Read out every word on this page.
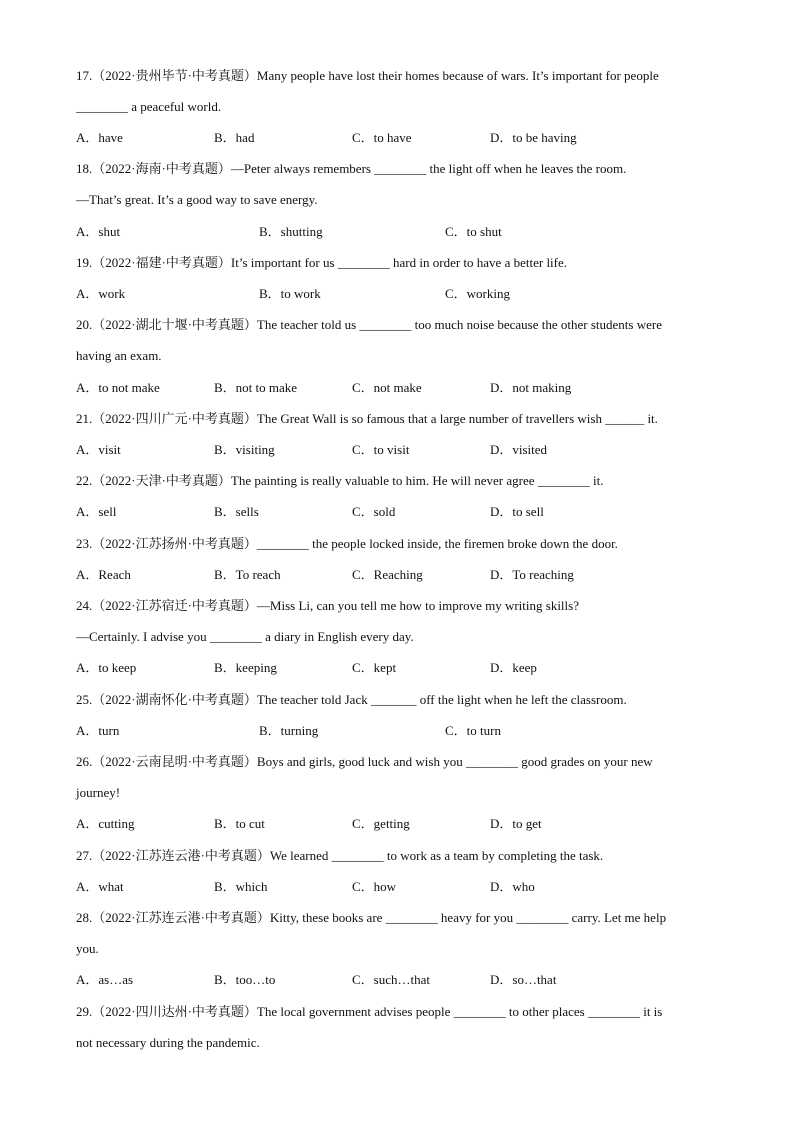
17.（2022·贵州毕节·中考真题）Many people have lost their homes because of wars. It’s important for people
________ a peaceful world.
A．have	B．had	C．to have	D．to be having
18.（2022·海南·中考真题）—Peter always remembers ________ the light off when he leaves the room.
—That’s great. It’s a good way to save energy.
A．shut	B．shutting	C．to shut
19.（2022·福建·中考真题）It’s important for us ________ hard in order to have a better life.
A．work	B．to work	C．working
20.（2022·湖北十堰·中考真题）The teacher told us ________ too much noise because the other students were
having an exam.
A．to not make	B．not to make	C．not make	D．not making
21.（2022·四川广元·中考真题）The Great Wall is so famous that a large number of travellers wish ______ it.
A．visit	B．visiting	C．to visit	D．visited
22.（2022·天津·中考真题）The painting is really valuable to him. He will never agree ________ it.
A．sell	B．sells	C．sold	D．to sell
23.（2022·江苏扬州·中考真题）________ the people locked inside, the firemen broke down the door.
A．Reach	B．To reach	C．Reaching	D．To reaching
24.（2022·江苏宿迁·中考真题）—Miss Li, can you tell me how to improve my writing skills?
—Certainly. I advise you ________ a diary in English every day.
A．to keep	B．keeping	C．kept	D．keep
25.（2022·湖南怀化·中考真题）The teacher told Jack _______ off the light when he left the classroom.
A．turn	B．turning	C．to turn
26.（2022·云南昆明·中考真题）Boys and girls, good luck and wish you ________ good grades on your new
journey!
A．cutting	B．to cut	C．getting	D．to get
27.（2022·江苏连云港·中考真题）We learned ________ to work as a team by completing the task.
A．what	B．which	C．how	D．who
28.（2022·江苏连云港·中考真题）Kitty, these books are ________ heavy for you ________ carry. Let me help
you.
A．as…as	B．too…to	C．such…that	D．so…that
29.（2022·四川达州·中考真题）The local government advises people ________ to other places ________ it is
not necessary during the pandemic.
